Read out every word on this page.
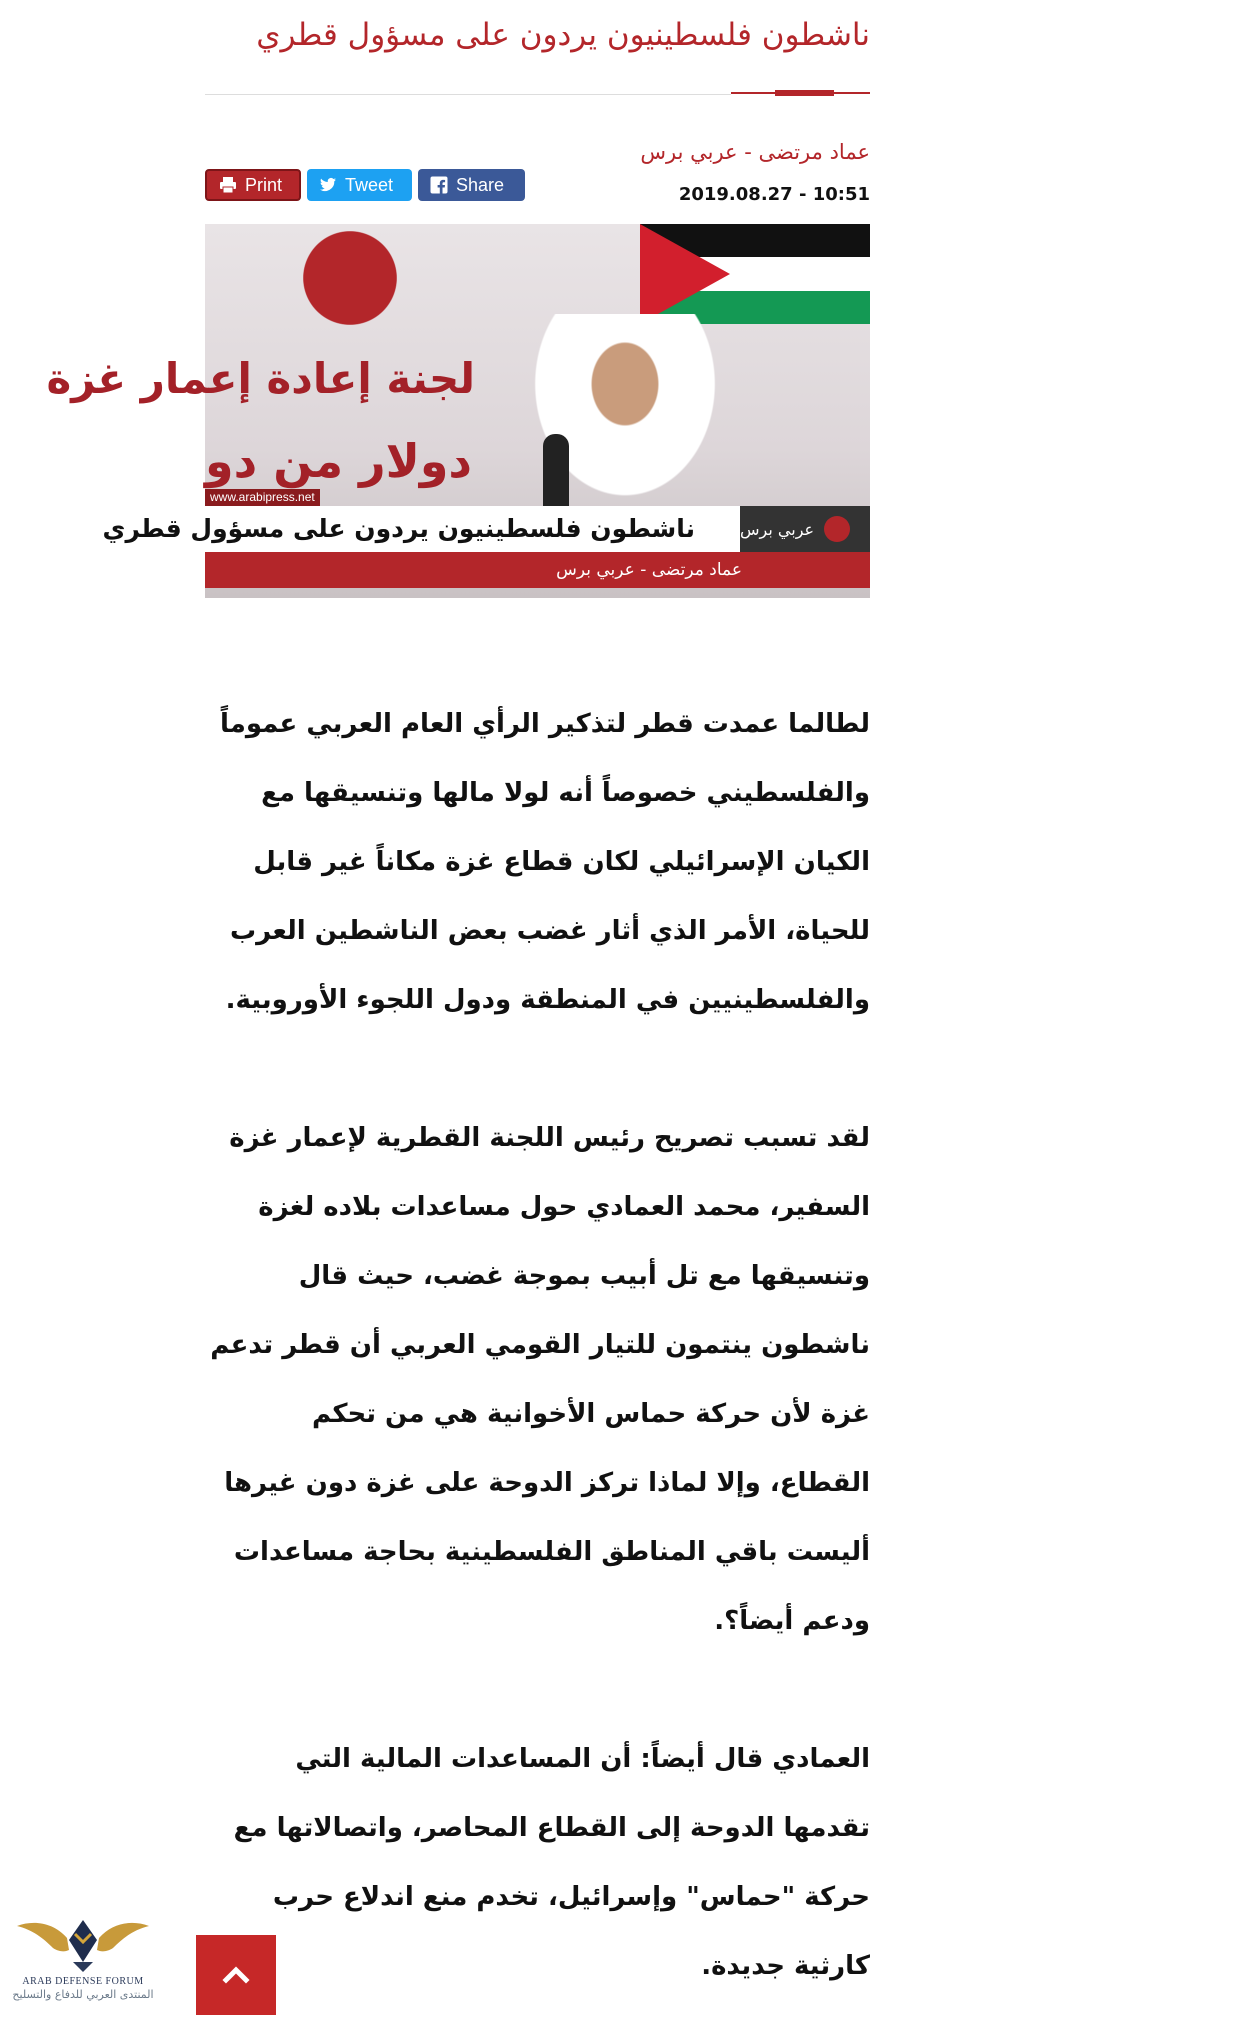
ناشطون فلسطينيون يردون على مسؤول قطري
عماد مرتضى - عربي برس
Print	Tweet	Share	2019.08.27 - 10:51
لجنة إعادة إعمار غزة
دولار من دو
www.arabipress.net
ناشطون فلسطينيون يردون على مسؤول قطري
عماد مرتضى - عربي برس
عربي برس

لطالما عمدت قطر لتذكير الرأي العام العربي عموماً والفلسطيني خصوصاً أنه لولا مالها وتنسيقها مع الكيان الإسرائيلي لكان قطاع غزة مكاناً غير قابل للحياة، الأمر الذي أثار غضب بعض الناشطين العرب والفلسطينيين في المنطقة ودول اللجوء الأوروبية.

لقد تسبب تصريح رئيس اللجنة القطرية لإعمار غزة السفير، محمد العمادي حول مساعدات بلاده لغزة وتنسيقها مع تل أبيب بموجة غضب، حيث قال ناشطون ينتمون للتيار القومي العربي أن قطر تدعم غزة لأن حركة حماس الأخوانية هي من تحكم القطاع، وإلا لماذا تركز الدوحة على غزة دون غيرها أليست باقي المناطق الفلسطينية بحاجة مساعدات ودعم أيضاً؟.

العمادي قال أيضاً: أن المساعدات المالية التي تقدمها الدوحة إلى القطاع المحاصر، واتصالاتها مع حركة "حماس" وإسرائيل، تخدم منع اندلاع حرب كارثية جديدة.

ARAB DEFENSE FORUM
المنتدى العربي للدفاع والتسليح
